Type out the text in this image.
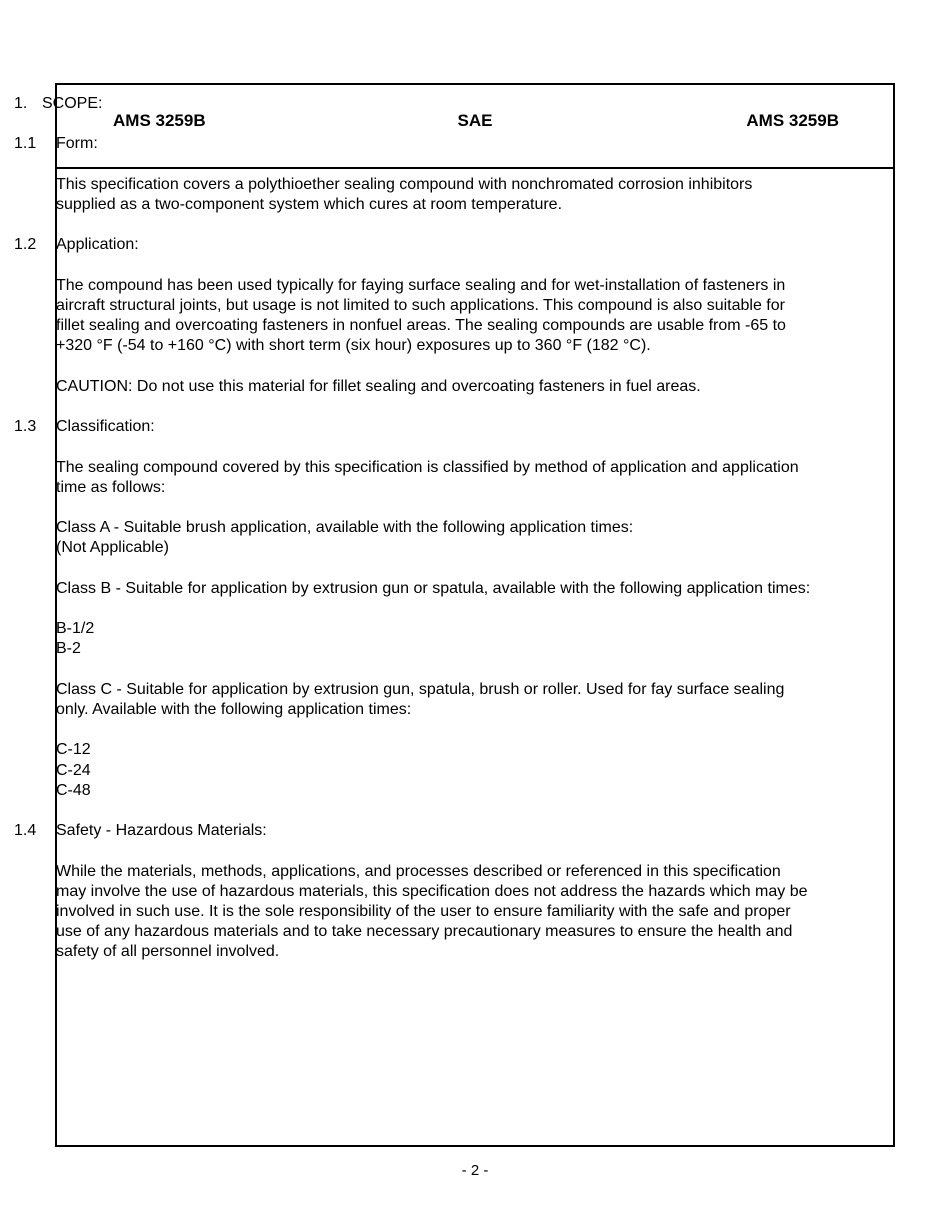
AMS 3259B	SAE	AMS 3259B
1. SCOPE:
1.1	Form:

This specification covers a polythioether sealing compound with nonchromated corrosion inhibitors supplied as a two-component system which cures at room temperature.

1.2	Application:

The compound has been used typically for faying surface sealing and for wet-installation of fasteners in aircraft structural joints, but usage is not limited to such applications. This compound is also suitable for fillet sealing and overcoating fasteners in nonfuel areas. The sealing compounds are usable from -65 to +320 °F (-54 to +160 °C) with short term (six hour) exposures up to 360 °F (182 °C).

CAUTION: Do not use this material for fillet sealing and overcoating fasteners in fuel areas.

1.3	Classification:

The sealing compound covered by this specification is classified by method of application and application time as follows:

Class A - Suitable brush application, available with the following application times:
(Not Applicable)

Class B - Suitable for application by extrusion gun or spatula, available with the following application times:

B-1/2
B-2

Class C - Suitable for application by extrusion gun, spatula, brush or roller. Used for fay surface sealing only. Available with the following application times:

C-12
C-24
C-48

1.4	Safety - Hazardous Materials:

While the materials, methods, applications, and processes described or referenced in this specification may involve the use of hazardous materials, this specification does not address the hazards which may be involved in such use. It is the sole responsibility of the user to ensure familiarity with the safe and proper use of any hazardous materials and to take necessary precautionary measures to ensure the health and safety of all personnel involved.

- 2 -
